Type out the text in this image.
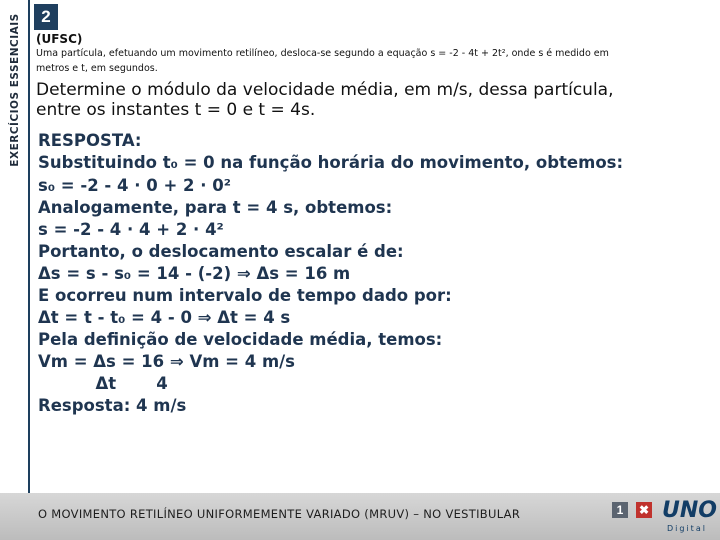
EXERCÍCIOS ESSENCIAIS	2
(UFSC)
Uma partícula, efetuando um movimento retilíneo, desloca-se segundo a equação s = -2 - 4t + 2t², onde s é medido em
metros e t, em segundos.
Determine o módulo da velocidade média, em m/s, dessa partícula,
entre os instantes t = 0 e t = 4s.
RESPOSTA:
Substituindo t₀ = 0 na função horária do movimento, obtemos:
s₀ = -2 - 4 · 0 + 2 · 0²
Analogamente, para t = 4 s, obtemos:
s = -2 - 4 · 4 + 2 · 4²
Portanto, o deslocamento escalar é de:
Δs = s - s₀ = 14 - (-2) ⇒ Δs = 16 m
E ocorreu num intervalo de tempo dado por:
Δt = t - t₀ = 4 - 0 ⇒ Δt = 4 s
Pela definição de velocidade média, temos:
Vm = Δs = 16 ⇒ Vm = 4 m/s
Δt       4
Resposta: 4 m/s
O MOVIMENTO RETILÍNEO UNIFORMEMENTE VARIADO (MRUV) – NO VESTIBULAR	1	✖ UNO
Digital
